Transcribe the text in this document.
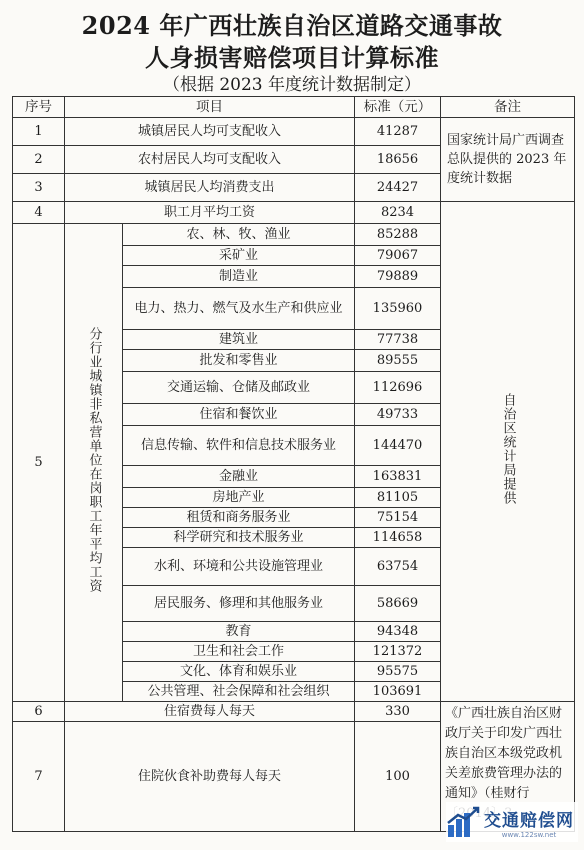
2024 年广西壮族自治区道路交通事故
人身损害赔偿项目计算标准
（根据 2023 年度统计数据制定）
序号	项目		标准（元）	备注
1	城镇居民人均可支配收入		41287	国家统计局广西调查总队提供的 2023 年度统计数据
2	农村居民人均可支配收入		18656	
3	城镇居民人均消费支出		24427	
4	职工月平均工资		8234	自治区统计局提供
5	分行业城镇非私营单位在岗职工年平均工资	农、林、牧、渔业	85288	
		采矿业	79067	
		制造业	79889	
		电力、热力、燃气及水生产和供应业	135960	
		建筑业	77738	
		批发和零售业	89555	
		交通运输、仓储及邮政业	112696	
		住宿和餐饮业	49733	
		信息传输、软件和信息技术服务业	144470	
		金融业	163831	
		房地产业	81105	
		租赁和商务服务业	75154	
		科学研究和技术服务业	114658	
		水利、环境和公共设施管理业	63754	
		居民服务、修理和其他服务业	58669	
		教育	94348	
		卫生和社会工作	121372	
		文化、体育和娱乐业	95575	
		公共管理、社会保障和社会组织	103691	
6	住宿费每人每天		330	《广西壮族自治区财政厅关于印发广西壮族自治区本级党政机关差旅费管理办法的通知》（桂财行
7	住院伙食补助费每人每天		100	
交通赔偿网
www.122sw.net
